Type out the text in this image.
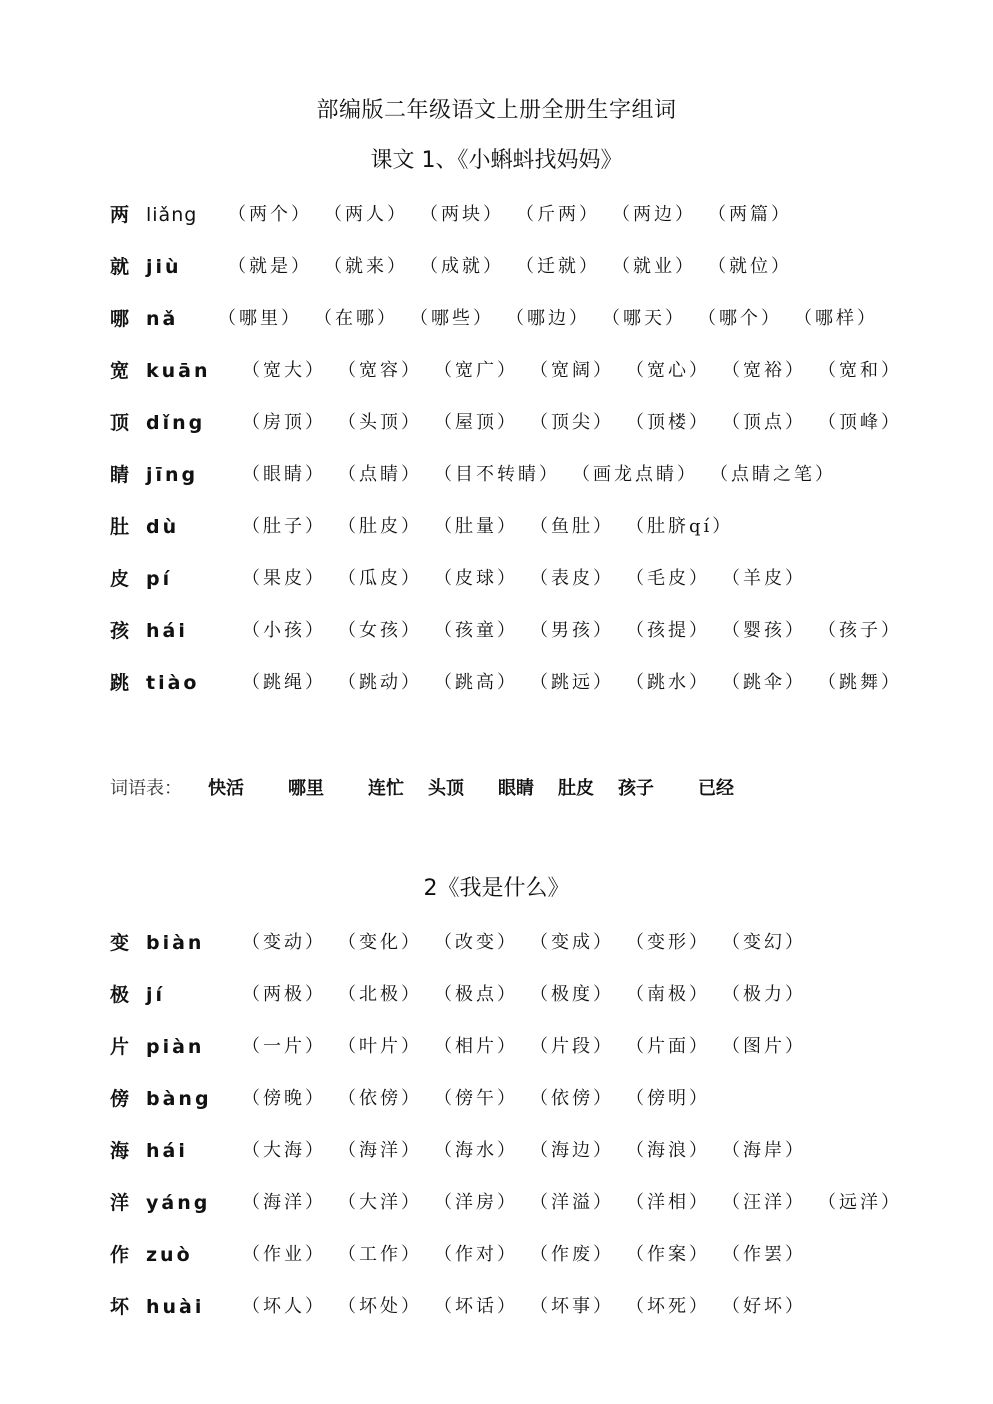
部编版二年级语文上册全册生字组词
课文 1、《小蝌蚪找妈妈》
两 liǎng （两个） （两人） （两块） （斤两） （两边） （两篇）
就 jiù	（就是） （就来） （成就） （迁就） （就业） （就位）
哪 nǎ （哪里） （在哪） （哪些） （哪边） （哪天） （哪个） （哪样）
宽 kuān （宽大） （宽容） （宽广） （宽阔） （宽心） （宽裕） （宽和）
顶 dǐng （房顶） （头顶） （屋顶） （顶尖） （顶楼） （顶点） （顶峰）
睛 jīng （眼睛） （点睛） （目不转睛） （画龙点睛） （点睛之笔）
肚 dù	（肚子） （肚皮） （肚量） （鱼肚） （肚脐qí）
皮 pí	（果皮） （瓜皮） （皮球） （表皮） （毛皮） （羊皮）
孩 hái	（小孩） （女孩） （孩童） （男孩） （孩提） （婴孩） （孩子）
跳 tiào （跳绳） （跳动） （跳高） （跳远） （跳水） （跳伞） （跳舞）
词语表： 快活 哪里 连忙 头顶 眼睛 肚皮 孩子 已经
2《我是什么》
变 biàn （变动） （变化） （改变） （变成） （变形） （变幻）
极 jí	（两极） （北极） （极点） （极度） （南极） （极力）
片 piàn （一片） （叶片） （相片） （片段） （片面） （图片）
傍 bàng （傍晚） （依傍） （傍午） （依傍） （傍明）
海 hái	（大海） （海洋） （海水） （海边） （海浪） （海岸）
洋 yáng （海洋） （大洋） （洋房） （洋溢） （洋相） （汪洋） （远洋）
作 zuò	（作业） （工作） （作对） （作废） （作案） （作罢）
坏 huài （坏人） （坏处） （坏话） （坏事） （坏死） （好坏）
